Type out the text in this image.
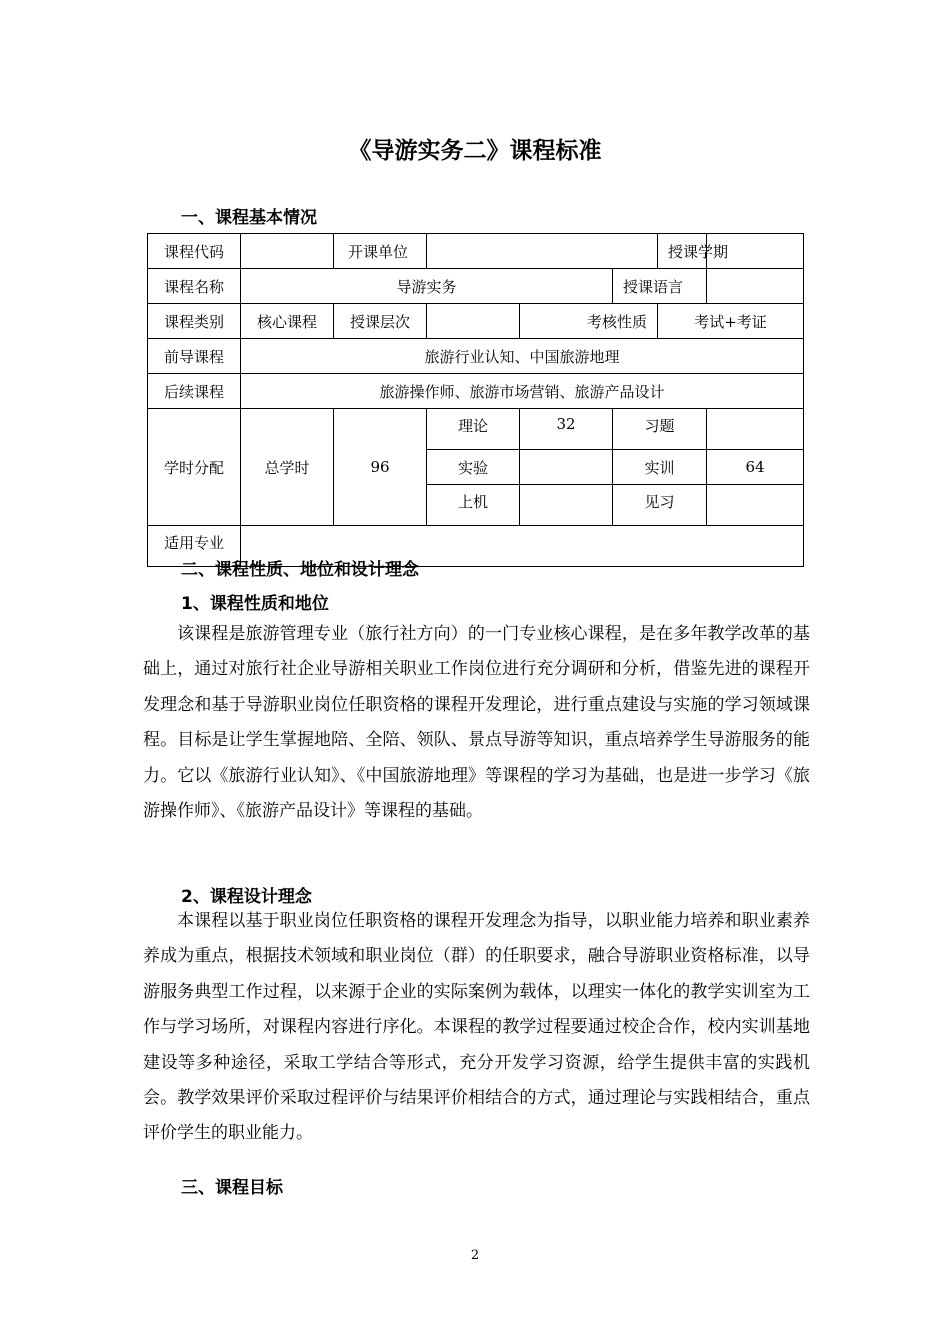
《导游实务二》课程标准
一、课程基本情况
课程代码		开课单位				授课学期	
课程名称	导游实务				授课语言		
课程类别	核心课程	授课层次		考核性质		考试+考证	
前导课程	旅游行业认知、中国旅游地理						
后续课程	旅游操作师、旅游市场营销、旅游产品设计						
学时分配	总学时	96	理论	32	习题		
			实验		实训		64
			上机		见习		
适用专业							
二、课程性质、地位和设计理念
1、课程性质和地位

该课程是旅游管理专业（旅行社方向）的一门专业核心课程，是在多年教学改革的基础上，通过对旅行社企业导游相关职业工作岗位进行充分调研和分析，借鉴先进的课程开发理念和基于导游职业岗位任职资格的课程开发理论，进行重点建设与实施的学习领域课程。目标是让学生掌握地陪、全陪、领队、景点导游等知识，重点培养学生导游服务的能力。它以《旅游行业认知》、《中国旅游地理》等课程的学习为基础，也是进一步学习《旅游操作师》、《旅游产品设计》等课程的基础。

2、课程设计理念

本课程以基于职业岗位任职资格的课程开发理念为指导，以职业能力培养和职业素养养成为重点，根据技术领域和职业岗位（群）的任职要求，融合导游职业资格标准，以导游服务典型工作过程，以来源于企业的实际案例为载体，以理实一体化的教学实训室为工作与学习场所，对课程内容进行序化。本课程的教学过程要通过校企合作，校内实训基地建设等多种途径，采取工学结合等形式，充分开发学习资源，给学生提供丰富的实践机会。教学效果评价采取过程评价与结果评价相结合的方式，通过理论与实践相结合，重点评价学生的职业能力。

三、课程目标
2
